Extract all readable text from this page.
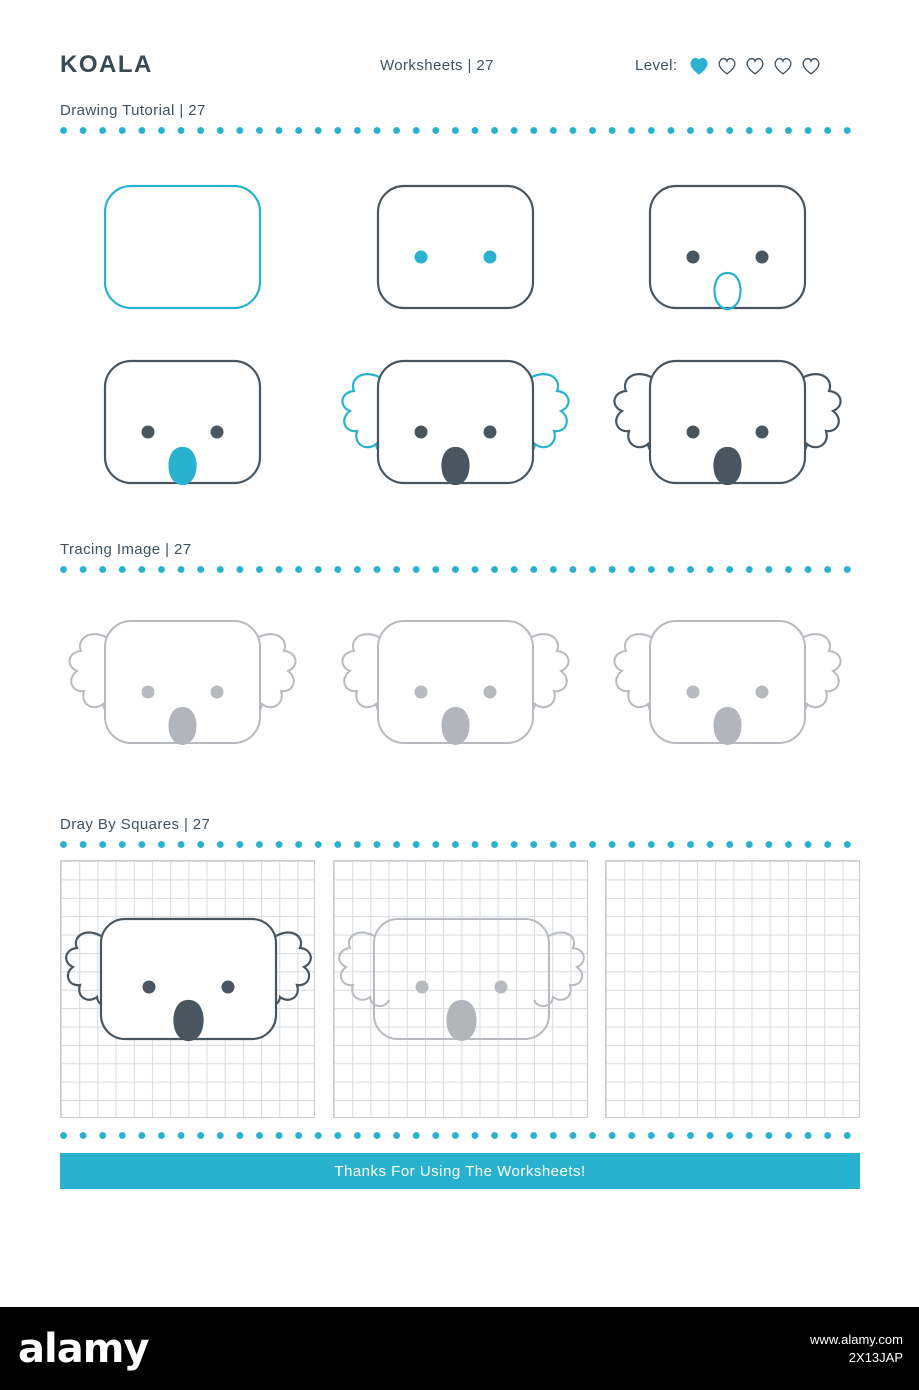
KOALA	Worksheets | 27	Level:
Drawing Tutorial | 27
Tracing Image | 27
Dray By Squares | 27
Thanks For Using The Worksheets!
alamy	www.alamy.com
2X13JAP
